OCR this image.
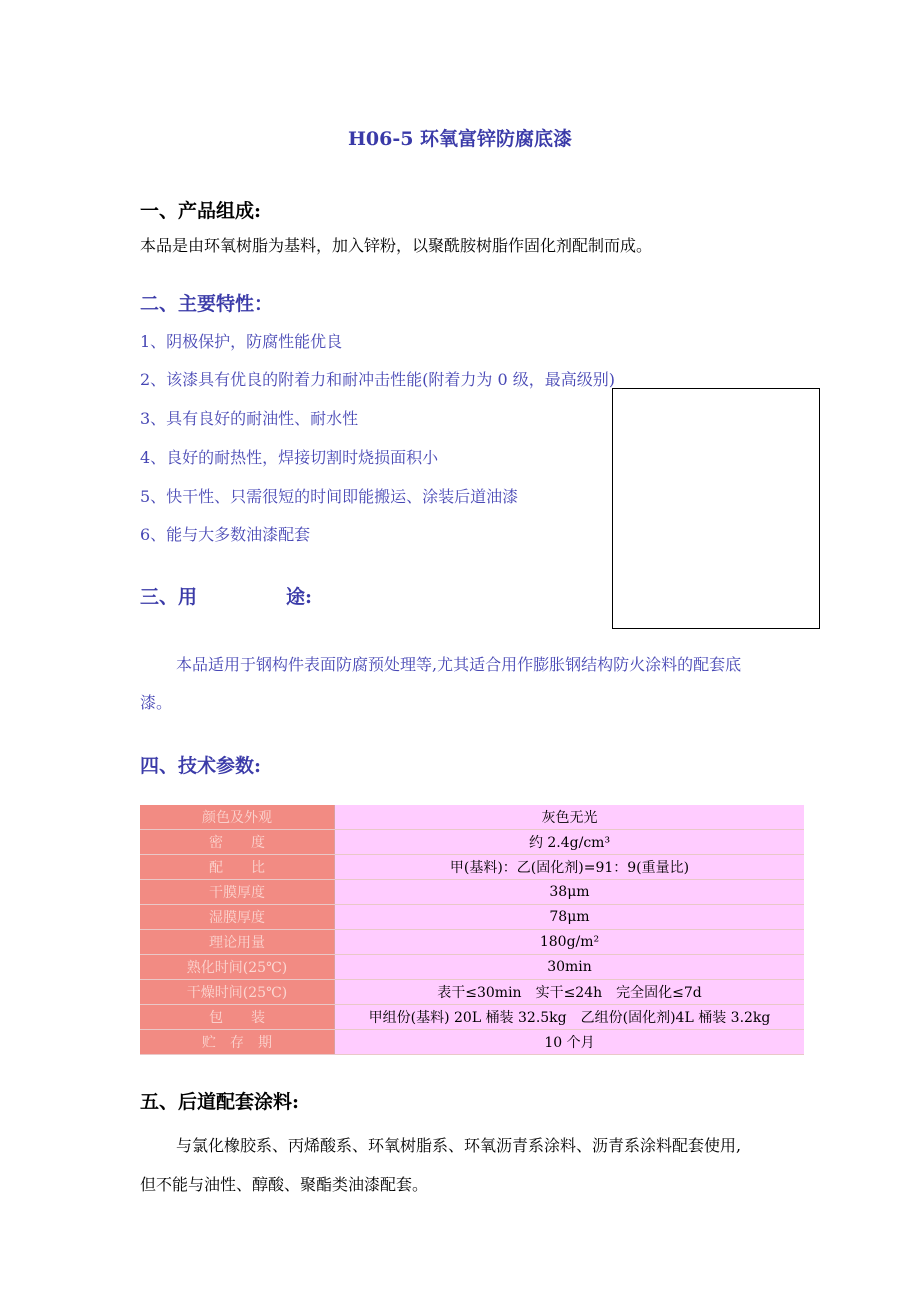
H06-5 环氧富锌防腐底漆
一、产品组成:
本品是由环氧树脂为基料，加入锌粉，以聚酰胺树脂作固化剂配制而成。
二、主要特性：
1、阴极保护，防腐性能优良
2、该漆具有优良的附着力和耐冲击性能(附着力为 0 级，最高级别)
3、具有良好的耐油性、耐水性
4、良好的耐热性，焊接切割时烧损面积小
5、快干性、只需很短的时间即能搬运、涂装后道油漆
6、能与大多数油漆配套
三、用	途:
本品适用于钢构件表面防腐预处理等,尤其适合用作膨胀钢结构防火涂料的配套底
漆。
四、技术参数:
颜色及外观	灰色无光
密　　度	约 2.4g/cm³
配　　比	甲(基料)：乙(固化剂)=91：9(重量比)
干膜厚度	38μm
湿膜厚度	78μm
理论用量	180g/m²
熟化时间(25℃)	30min
干燥时间(25℃)	表干≤30min　实干≤24h　完全固化≤7d
包　　装	甲组份(基料) 20L 桶装 32.5kg　乙组份(固化剂)4L 桶装 3.2kg
贮　存　期	10 个月
五、后道配套涂料:
与氯化橡胶系、丙烯酸系、环氧树脂系、环氧沥青系涂料、沥青系涂料配套使用,
但不能与油性、醇酸、聚酯类油漆配套。
